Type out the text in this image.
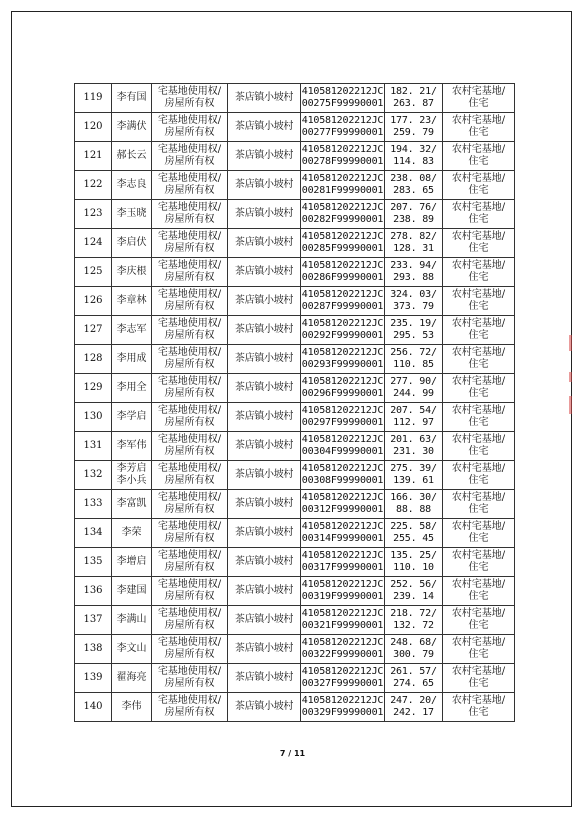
119	李有国	宅基地使用权/
房屋所有权	茶店镇小坡村	410581202212JC
00275F99990001	182. 21/
263. 87	农村宅基地/
住宅

120	李满伏	宅基地使用权/
房屋所有权	茶店镇小坡村	410581202212JC
00277F99990001	177. 23/
259. 79	农村宅基地/
住宅

121	郝长云	宅基地使用权/
房屋所有权	茶店镇小坡村	410581202212JC
00278F99990001	194. 32/
114. 83	农村宅基地/
住宅

122	李志良	宅基地使用权/
房屋所有权	茶店镇小坡村	410581202212JC
00281F99990001	238. 08/
283. 65	农村宅基地/
住宅

123	李玉晓	宅基地使用权/
房屋所有权	茶店镇小坡村	410581202212JC
00282F99990001	207. 76/
238. 89	农村宅基地/
住宅

124	李启伏	宅基地使用权/
房屋所有权	茶店镇小坡村	410581202212JC
00285F99990001	278. 82/
128. 31	农村宅基地/
住宅

125	李庆根	宅基地使用权/
房屋所有权	茶店镇小坡村	410581202212JC
00286F99990001	233. 94/
293. 88	农村宅基地/
住宅

126	李章林	宅基地使用权/
房屋所有权	茶店镇小坡村	410581202212JC
00287F99990001	324. 03/
373. 79	农村宅基地/
住宅

127	李志军	宅基地使用权/
房屋所有权	茶店镇小坡村	410581202212JC
00292F99990001	235. 19/
295. 53	农村宅基地/
住宅

128	李用成	宅基地使用权/
房屋所有权	茶店镇小坡村	410581202212JC
00293F99990001	256. 72/
110. 85	农村宅基地/
住宅

129	李用全	宅基地使用权/
房屋所有权	茶店镇小坡村	410581202212JC
00296F99990001	277. 90/
244. 99	农村宅基地/
住宅

130	李学启	宅基地使用权/
房屋所有权	茶店镇小坡村	410581202212JC
00297F99990001	207. 54/
112. 97	农村宅基地/
住宅

131	李军伟	宅基地使用权/
房屋所有权	茶店镇小坡村	410581202212JC
00304F99990001	201. 63/
231. 30	农村宅基地/
住宅

132	李芳启
李小兵	宅基地使用权/
房屋所有权	茶店镇小坡村	410581202212JC
00308F99990001	275. 39/
139. 61	农村宅基地/
住宅

133	李富凯	宅基地使用权/
房屋所有权	茶店镇小坡村	410581202212JC
00312F99990001	166. 30/
88. 88	农村宅基地/
住宅

134	李荣	宅基地使用权/
房屋所有权	茶店镇小坡村	410581202212JC
00314F99990001	225. 58/
255. 45	农村宅基地/
住宅

135	李增启	宅基地使用权/
房屋所有权	茶店镇小坡村	410581202212JC
00317F99990001	135. 25/
110. 10	农村宅基地/
住宅

136	李建国	宅基地使用权/
房屋所有权	茶店镇小坡村	410581202212JC
00319F99990001	252. 56/
239. 14	农村宅基地/
住宅

137	李满山	宅基地使用权/
房屋所有权	茶店镇小坡村	410581202212JC
00321F99990001	218. 72/
132. 72	农村宅基地/
住宅

138	李文山	宅基地使用权/
房屋所有权	茶店镇小坡村	410581202212JC
00322F99990001	248. 68/
300. 79	农村宅基地/
住宅

139	翟海亮	宅基地使用权/
房屋所有权	茶店镇小坡村	410581202212JC
00327F99990001	261. 57/
274. 65	农村宅基地/
住宅

140	李伟	宅基地使用权/
房屋所有权	茶店镇小坡村	410581202212JC
00329F99990001	247. 20/
242. 17	农村宅基地/
住宅
7 / 11
